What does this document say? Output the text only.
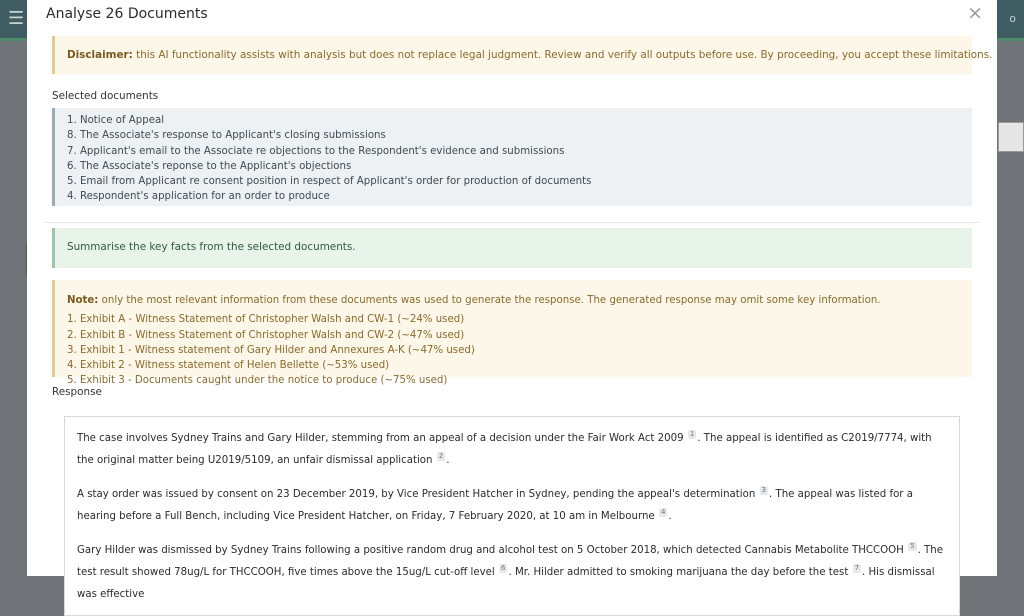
☰	o
Analyse 26 Documents	×
Disclaimer: this AI functionality assists with analysis but does not replace legal judgment. Review and verify all outputs before use. By proceeding, you accept these limitations.
Selected documents
1. Notice of Appeal
8. The Associate's response to Applicant's closing submissions
7. Applicant's email to the Associate re objections to the Respondent's evidence and submissions
6. The Associate's reponse to the Applicant's objections
5. Email from Applicant re consent position in respect of Applicant's order for production of documents
4. Respondent's application for an order to produce
Summarise the key facts from the selected documents.
Note: only the most relevant information from these documents was used to generate the response. The generated response may omit some key information.
1. Exhibit A - Witness Statement of Christopher Walsh and CW-1 (~24% used)
2. Exhibit B - Witness Statement of Christopher Walsh and CW-2 (~47% used)
3. Exhibit 1 - Witness statement of Gary Hilder and Annexures A-K (~47% used)
4. Exhibit 2 - Witness statement of Helen Bellette (~53% used)
5. Exhibit 3 - Documents caught under the notice to produce (~75% used)
Response

The case involves Sydney Trains and Gary Hilder, stemming from an appeal of a decision under the Fair Work Act 2009 1 . The appeal is identified as C2019/7774, with the original matter being U2019/5109, an unfair dismissal application 2 .

A stay order was issued by consent on 23 December 2019, by Vice President Hatcher in Sydney, pending the appeal's determination 3 . The appeal was listed for a hearing before a Full Bench, including Vice President Hatcher, on Friday, 7 February 2020, at 10 am in Melbourne 4 .

Gary Hilder was dismissed by Sydney Trains following a positive random drug and alcohol test on 5 October 2018, which detected Cannabis Metabolite THCCOOH 5 . The test result showed 78ug/L for THCCOOH, five times above the 15ug/L cut-off level 6 . Mr. Hilder admitted to smoking marijuana the day before the test 7 . His dismissal was effective
